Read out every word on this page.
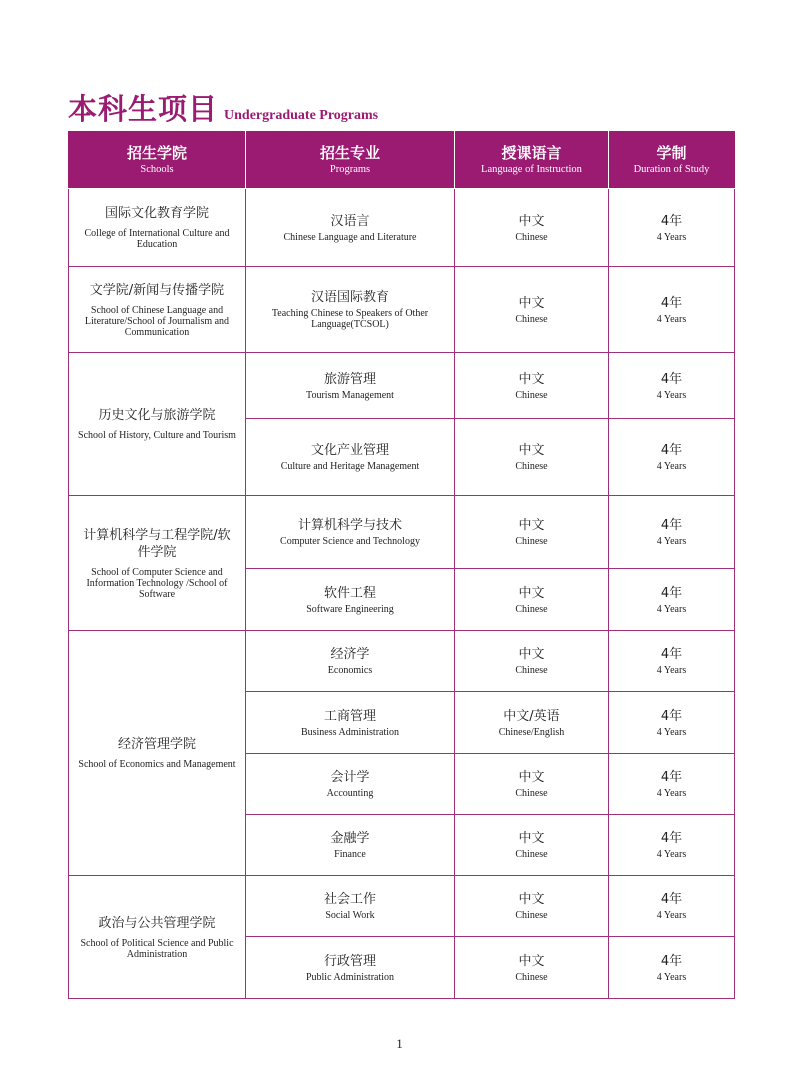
本科生项目 Undergraduate Programs
招生学院
Schools	招生专业
Programs	授课语言
Language of Instruction	学制
Duration of Study

国际文化教育学院
College of International Culture and Education	汉语言
Chinese Language and Literature	中文
Chinese	4年
4 Years

文学院/新闻与传播学院
School of Chinese Language and Literature/School of Journalism and Communication	汉语国际教育
Teaching Chinese to Speakers of Other Language(TCSOL)	中文
Chinese	4年
4 Years

历史文化与旅游学院
School of History, Culture and Tourism	旅游管理
Tourism Management	中文
Chinese	4年
4 Years

	文化产业管理
Culture and Heritage Management	中文
Chinese	4年
4 Years

计算机科学与工程学院/软件学院
School of Computer Science and Information Technology /School of Software	计算机科学与技术
Computer Science and Technology	中文
Chinese	4年
4 Years

	软件工程
Software Engineering	中文
Chinese	4年
4 Years

经济管理学院
School of Economics and Management	经济学
Economics	中文
Chinese	4年
4 Years

	工商管理
Business Administration	中文/英语
Chinese/English	4年
4 Years

	会计学
Accounting	中文
Chinese	4年
4 Years

	金融学
Finance	中文
Chinese	4年
4 Years

政治与公共管理学院
School of Political Science and Public Administration	社会工作
Social Work	中文
Chinese	4年
4 Years

	行政管理
Public Administration	中文
Chinese	4年
4 Years
1
